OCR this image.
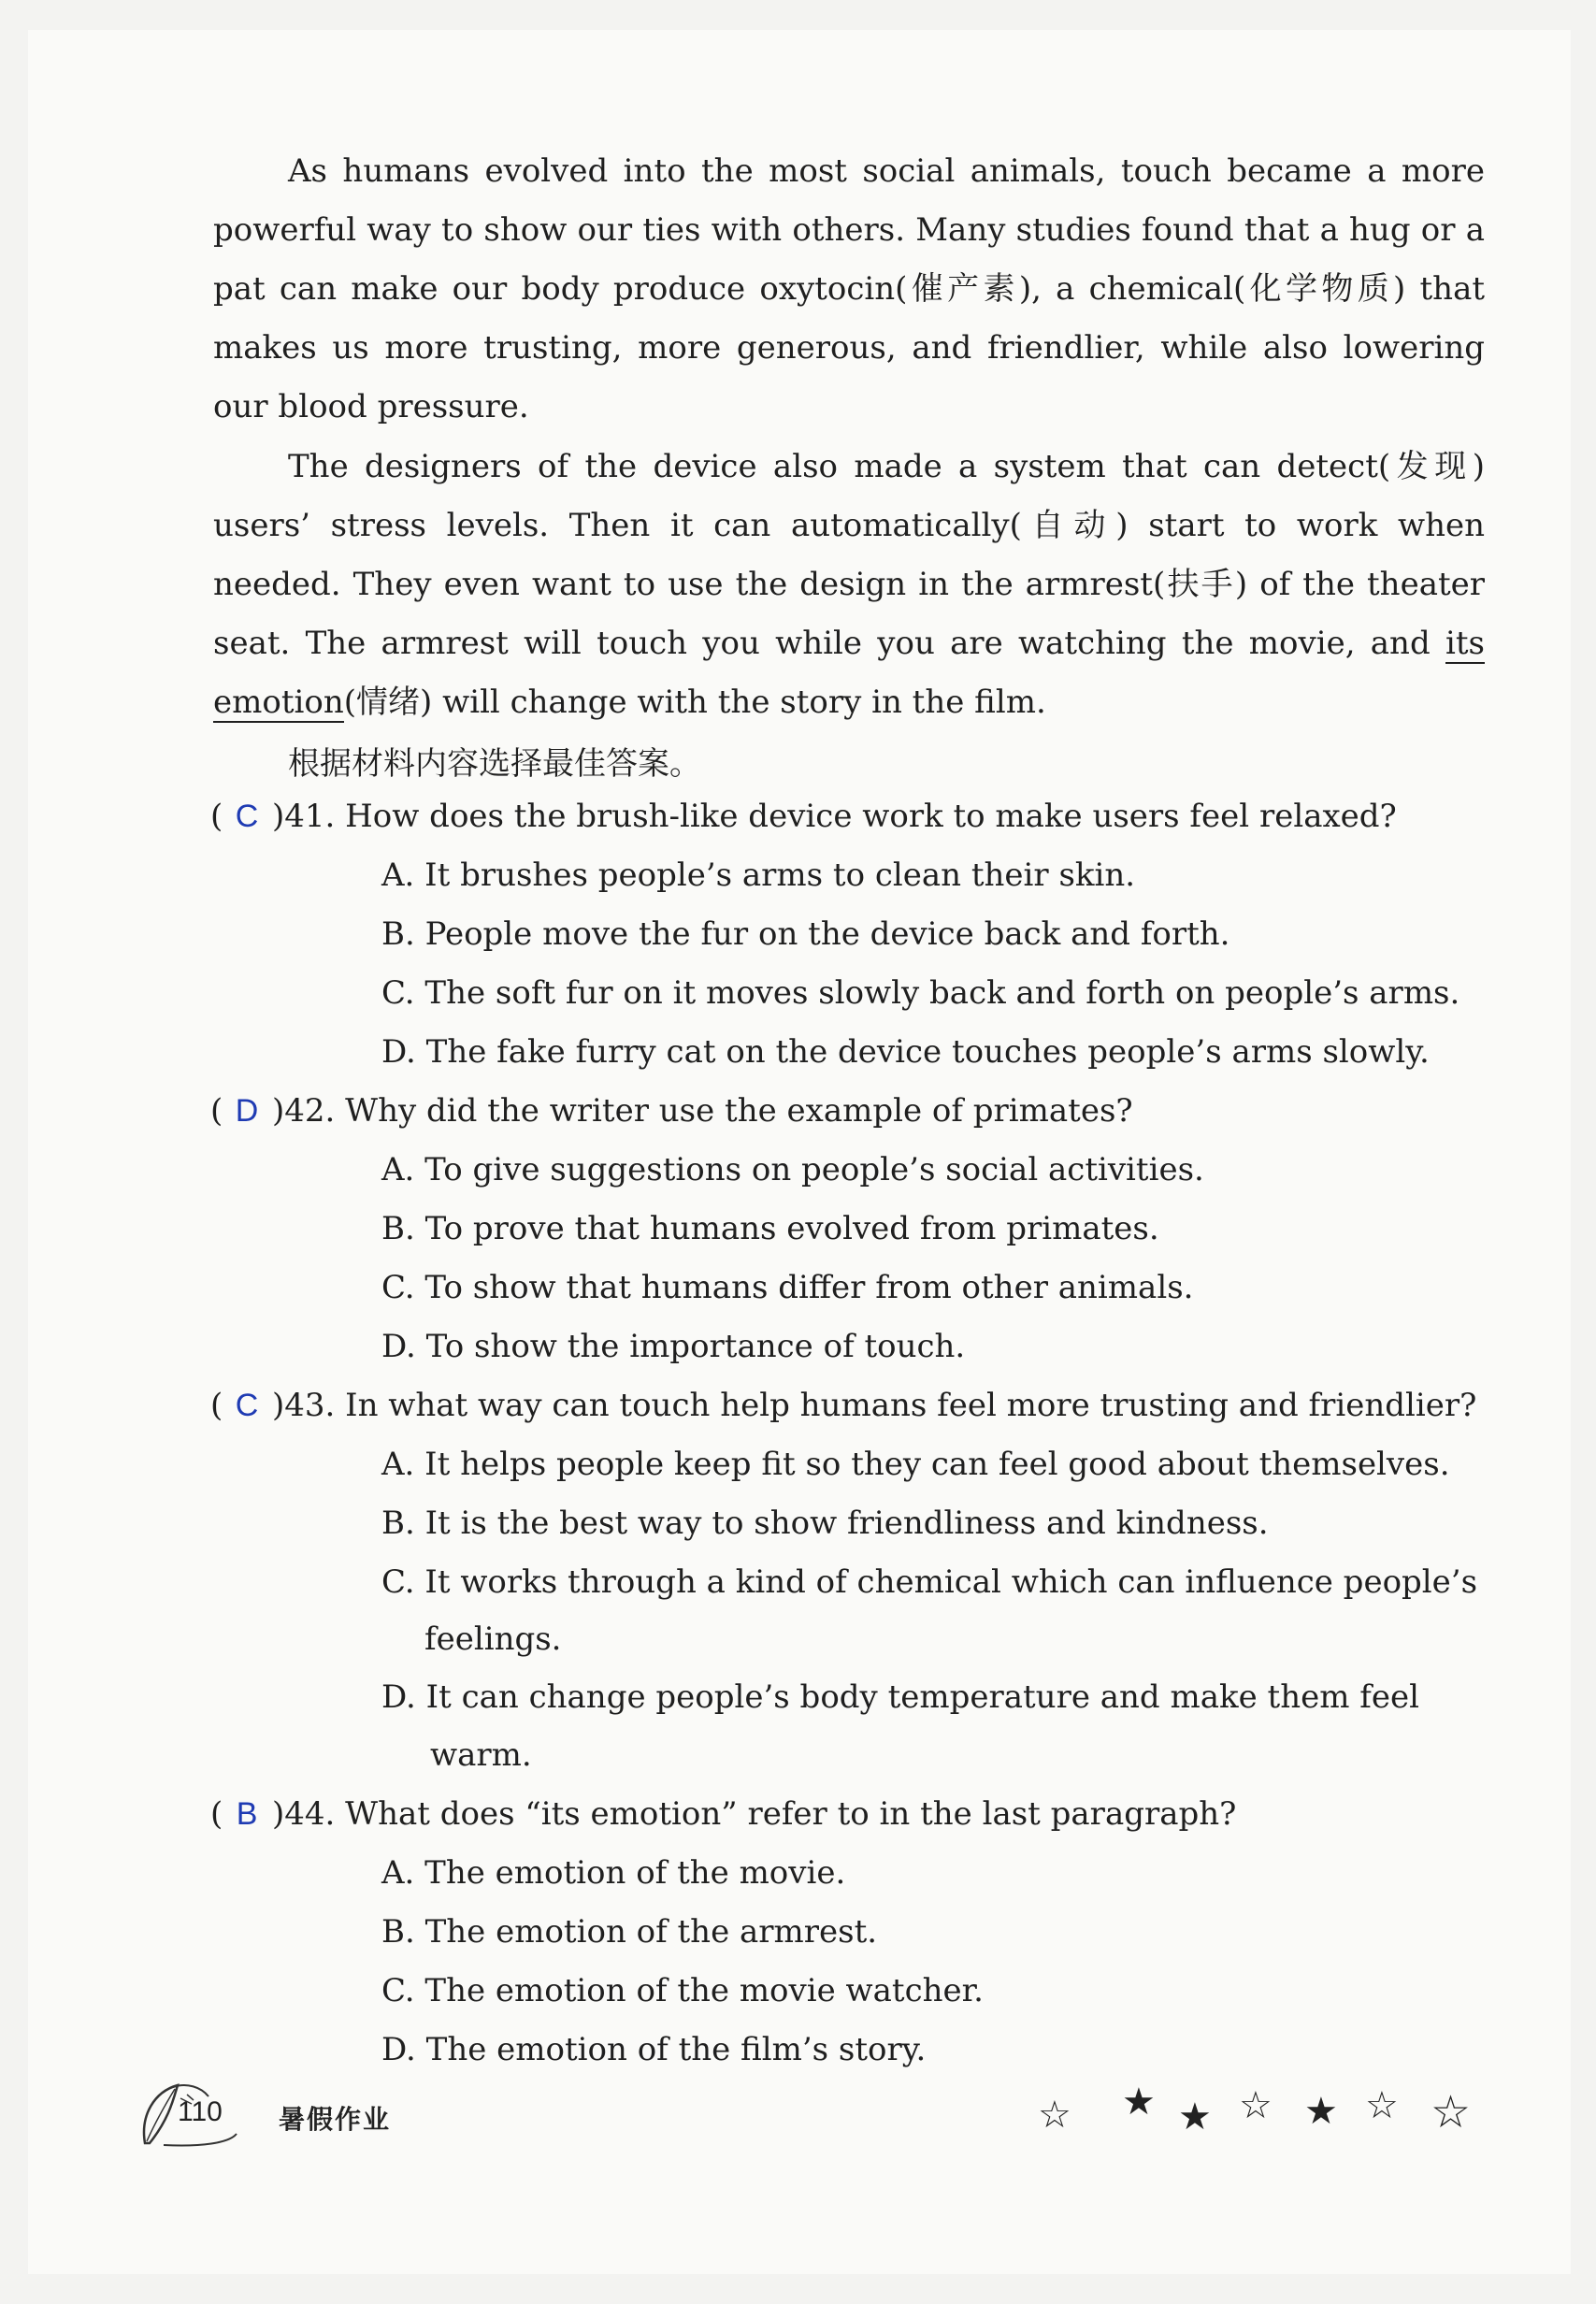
As humans evolved into the most social animals, touch became a more powerful way to show our ties with others. Many studies found that a hug or a pat can make our body produce oxytocin(催产素), a chemical(化学物质) that makes us more trusting, more generous, and friendlier, while also lowering our blood pressure.

The designers of the device also made a system that can detect(发现) users’ stress levels. Then it can automatically(自动) start to work when needed. They even want to use the design in the armrest(扶手) of the theater seat. The armrest will touch you while you are watching the movie, and its emotion(情绪) will change with the story in the film.

根据材料内容选择最佳答案。

( C )41. How does the brush-like device work to make users feel relaxed?

A. It brushes people’s arms to clean their skin.

B. People move the fur on the device back and forth.

C. The soft fur on it moves slowly back and forth on people’s arms.

D. The fake furry cat on the device touches people’s arms slowly.

( D )42. Why did the writer use the example of primates?

A. To give suggestions on people’s social activities.

B. To prove that humans evolved from primates.

C. To show that humans differ from other animals.

D. To show the importance of touch.

( C )43. In what way can touch help humans feel more trusting and friendlier?

A. It helps people keep fit so they can feel good about themselves.

B. It is the best way to show friendliness and kindness.

C. It works through a kind of chemical which can influence people’s

feelings.

D. It can change people’s body temperature and make them feel

warm.

( B )44. What does “its emotion” refer to in the last paragraph?

A. The emotion of the movie.

B. The emotion of the armrest.

C. The emotion of the movie watcher.

D. The emotion of the film’s story.

110 暑假作业	☆ ★ ★ ☆ ★ ☆ ☆
